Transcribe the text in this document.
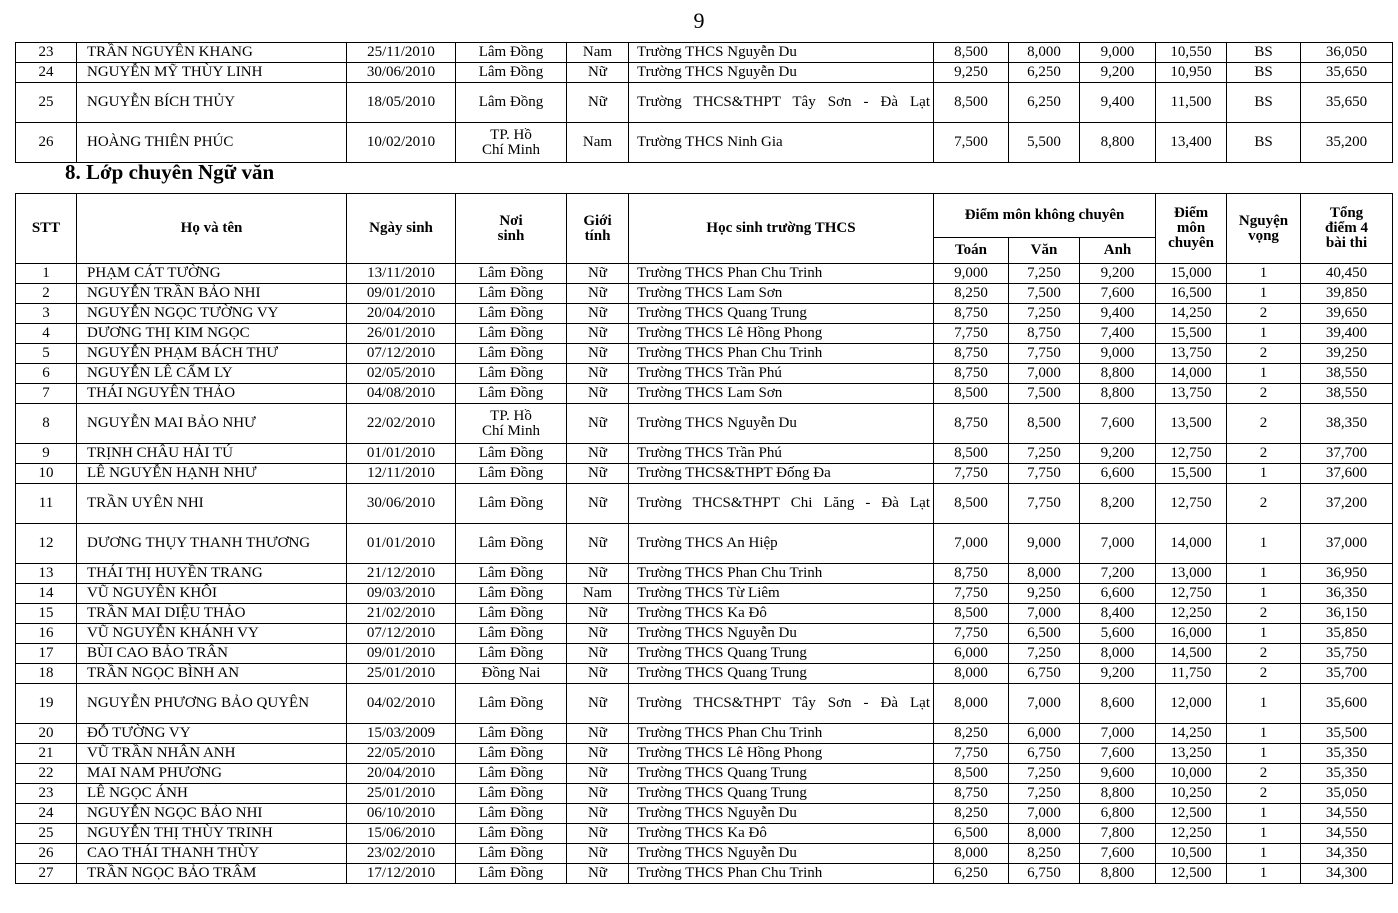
9
23	TRẦN NGUYÊN KHANG	25/11/2010	Lâm Đồng	Nam	Trường THCS Nguyễn Du	8,500	8,000	9,000	10,550	BS	36,050
24	NGUYỄN MỸ THÙY LINH	30/06/2010	Lâm Đồng	Nữ	Trường THCS Nguyễn Du	9,250	6,250	9,200	10,950	BS	35,650
25	NGUYỄN BÍCH THỦY	18/05/2010	Lâm Đồng	Nữ	Trường THCS&THPT Tây Sơn - Đà Lạt	8,500	6,250	9,400	11,500	BS	35,650
26	HOÀNG THIÊN PHÚC	10/02/2010	TP. Hồ Chí Minh	Nam	Trường THCS Ninh Gia	7,500	5,500	8,800	13,400	BS	35,200
8. Lớp chuyên Ngữ văn
STT	Họ và tên	Ngày sinh	Nơi sinh	Giới tính	Học sinh trường THCS	Điểm môn không chuyên			Điểm môn chuyên	Nguyện vọng	Tổng điểm 4 bài thi
						Toán	Văn	Anh			
1	PHẠM CÁT TƯỜNG	13/11/2010	Lâm Đồng	Nữ	Trường THCS Phan Chu Trinh	9,000	7,250	9,200	15,000	1	40,450
2	NGUYỄN TRẦN BẢO NHI	09/01/2010	Lâm Đồng	Nữ	Trường THCS Lam Sơn	8,250	7,500	7,600	16,500	1	39,850
3	NGUYỄN NGỌC TƯỜNG VY	20/04/2010	Lâm Đồng	Nữ	Trường THCS Quang Trung	8,750	7,250	9,400	14,250	2	39,650
4	DƯƠNG THỊ KIM NGỌC	26/01/2010	Lâm Đồng	Nữ	Trường THCS Lê Hồng Phong	7,750	8,750	7,400	15,500	1	39,400
5	NGUYỄN PHẠM BÁCH THƯ	07/12/2010	Lâm Đồng	Nữ	Trường THCS Phan Chu Trinh	8,750	7,750	9,000	13,750	2	39,250
6	NGUYỄN LÊ CẨM LY	02/05/2010	Lâm Đồng	Nữ	Trường THCS Trần Phú	8,750	7,000	8,800	14,000	1	38,550
7	THÁI NGUYÊN THẢO	04/08/2010	Lâm Đồng	Nữ	Trường THCS Lam Sơn	8,500	7,500	8,800	13,750	2	38,550
8	NGUYỄN MAI BẢO NHƯ	22/02/2010	TP. Hồ Chí Minh	Nữ	Trường THCS Nguyễn Du	8,750	8,500	7,600	13,500	2	38,350
9	TRỊNH CHÂU HẢI TÚ	01/01/2010	Lâm Đồng	Nữ	Trường THCS Trần Phú	8,500	7,250	9,200	12,750	2	37,700
10	LÊ NGUYỄN HẠNH NHƯ	12/11/2010	Lâm Đồng	Nữ	Trường THCS&THPT Đống Đa	7,750	7,750	6,600	15,500	1	37,600
11	TRẦN UYÊN NHI	30/06/2010	Lâm Đồng	Nữ	Trường THCS&THPT Chi Lăng - Đà Lạt	8,500	7,750	8,200	12,750	2	37,200
12	DƯƠNG THỤY THANH THƯƠNG	01/01/2010	Lâm Đồng	Nữ	Trường THCS An Hiệp	7,000	9,000	7,000	14,000	1	37,000
13	THÁI THỊ HUYỀN TRANG	21/12/2010	Lâm Đồng	Nữ	Trường THCS Phan Chu Trinh	8,750	8,000	7,200	13,000	1	36,950
14	VŨ NGUYÊN KHÔI	09/03/2010	Lâm Đồng	Nam	Trường THCS Từ Liêm	7,750	9,250	6,600	12,750	1	36,350
15	TRẦN MAI DIỆU THẢO	21/02/2010	Lâm Đồng	Nữ	Trường THCS Ka Đô	8,500	7,000	8,400	12,250	2	36,150
16	VŨ NGUYỄN KHÁNH VY	07/12/2010	Lâm Đồng	Nữ	Trường THCS Nguyễn Du	7,750	6,500	5,600	16,000	1	35,850
17	BÙI CAO BẢO TRÂN	09/01/2010	Lâm Đồng	Nữ	Trường THCS Quang Trung	6,000	7,250	8,000	14,500	2	35,750
18	TRẦN NGỌC BÌNH AN	25/01/2010	Đồng Nai	Nữ	Trường THCS Quang Trung	8,000	6,750	9,200	11,750	2	35,700
19	NGUYỄN PHƯƠNG BẢO QUYÊN	04/02/2010	Lâm Đồng	Nữ	Trường THCS&THPT Tây Sơn - Đà Lạt	8,000	7,000	8,600	12,000	1	35,600
20	ĐỖ TƯỜNG VY	15/03/2009	Lâm Đồng	Nữ	Trường THCS Phan Chu Trinh	8,250	6,000	7,000	14,250	1	35,500
21	VŨ TRẦN NHÂN ANH	22/05/2010	Lâm Đồng	Nữ	Trường THCS Lê Hồng Phong	7,750	6,750	7,600	13,250	1	35,350
22	MAI NAM PHƯƠNG	20/04/2010	Lâm Đồng	Nữ	Trường THCS Quang Trung	8,500	7,250	9,600	10,000	2	35,350
23	LÊ NGỌC ÁNH	25/01/2010	Lâm Đồng	Nữ	Trường THCS Quang Trung	8,750	7,250	8,800	10,250	2	35,050
24	NGUYỄN NGỌC BẢO NHI	06/10/2010	Lâm Đồng	Nữ	Trường THCS Nguyễn Du	8,250	7,000	6,800	12,500	1	34,550
25	NGUYỄN THỊ THÙY TRINH	15/06/2010	Lâm Đồng	Nữ	Trường THCS Ka Đô	6,500	8,000	7,800	12,250	1	34,550
26	CAO THÁI THANH THÙY	23/02/2010	Lâm Đồng	Nữ	Trường THCS Nguyễn Du	8,000	8,250	7,600	10,500	1	34,350
27	TRẦN NGỌC BẢO TRÂM	17/12/2010	Lâm Đồng	Nữ	Trường THCS Phan Chu Trinh	6,250	6,750	8,800	12,500	1	34,300
